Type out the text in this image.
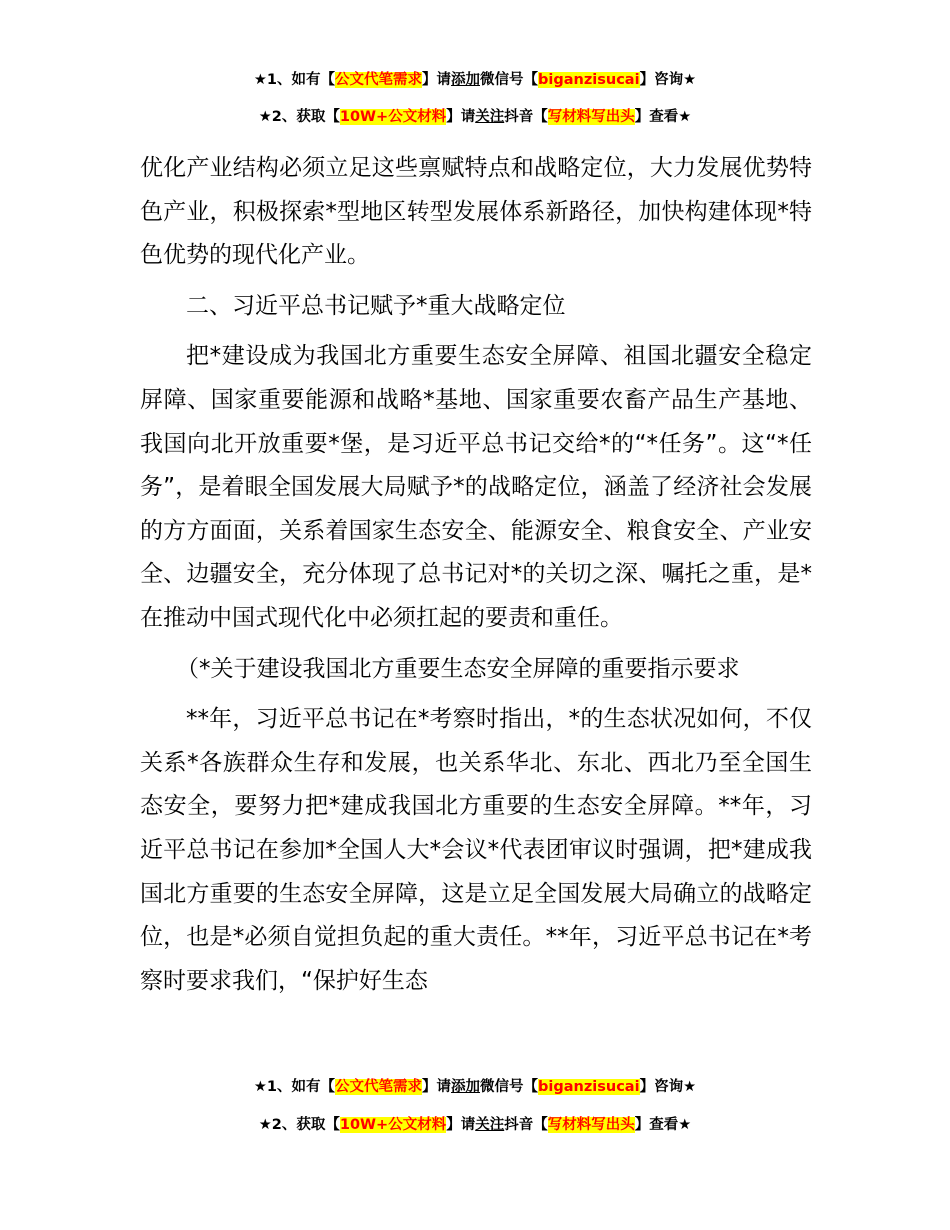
★1、如有【公文代笔需求】请添加微信号【biganzisucai】咨询★
★2、获取【10W+公文材料】请关注抖音【写材料写出头】查看★

优化产业结构必须立足这些禀赋特点和战略定位，大力发展优势特色产业，积极探索*型地区转型发展体系新路径，加快构建体现*特色优势的现代化产业。

二、习近平总书记赋予*重大战略定位

把*建设成为我国北方重要生态安全屏障、祖国北疆安全稳定屏障、国家重要能源和战略*基地、国家重要农畜产品生产基地、我国向北开放重要*堡，是习近平总书记交给*的“*任务”。这“*任务”，是着眼全国发展大局赋予*的战略定位，涵盖了经济社会发展的方方面面，关系着国家生态安全、能源安全、粮食安全、产业安全、边疆安全，充分体现了总书记对*的关切之深、嘱托之重，是*在推动中国式现代化中必须扛起的要责和重任。

（*关于建设我国北方重要生态安全屏障的重要指示要求

**年，习近平总书记在*考察时指出，*的生态状况如何，不仅关系*各族群众生存和发展，也关系华北、东北、西北乃至全国生态安全，要努力把*建成我国北方重要的生态安全屏障。**年，习近平总书记在参加*全国人大*会议*代表团审议时强调，把*建成我国北方重要的生态安全屏障，这是立足全国发展大局确立的战略定位，也是*必须自觉担负起的重大责任。**年，习近平总书记在*考察时要求我们，“保护好生态

★1、如有【公文代笔需求】请添加微信号【biganzisucai】咨询★
★2、获取【10W+公文材料】请关注抖音【写材料写出头】查看★
